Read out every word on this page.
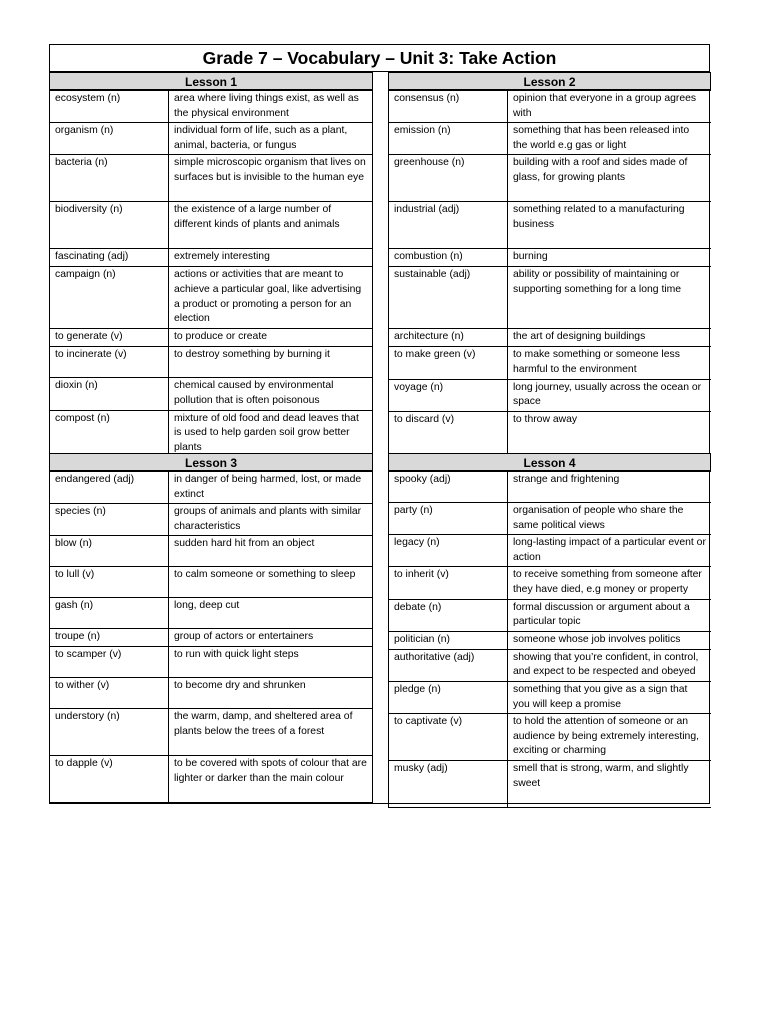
Grade 7 – Vocabulary – Unit 3: Take Action
Lesson 1
ecosystem (n)	area where living things exist, as well as the physical environment
organism (n)	individual form of life, such as a plant, animal, bacteria, or fungus
bacteria (n)	simple microscopic organism that lives on surfaces but is invisible to the human eye
biodiversity (n)	the existence of a large number of different kinds of plants and animals
fascinating (adj)	extremely interesting
campaign (n)	actions or activities that are meant to achieve a particular goal, like advertising a product or promoting a person for an election
to generate (v)	to produce or create
to incinerate (v)	to destroy something by burning it
dioxin (n)	chemical caused by environmental pollution that is often poisonous
compost (n)	mixture of old food and dead leaves that is used to help garden soil grow better plants
Lesson 2
consensus (n)	opinion that everyone in a group agrees with
emission (n)	something that has been released into the world e.g gas or light
greenhouse (n)	building with a roof and sides made of glass, for growing plants
industrial (adj)	something related to a manufacturing business
combustion (n)	burning
sustainable (adj)	ability or possibility of maintaining or supporting something for a long time
architecture (n)	the art of designing buildings
to make green (v)	to make something or someone less harmful to the environment
voyage (n)	long journey, usually across the ocean or space
to discard (v)	to throw away
Lesson 3
endangered (adj)	in danger of being harmed, lost, or made extinct
species (n)	groups of animals and plants with similar characteristics
blow (n)	sudden hard hit from an object
to lull (v)	to calm someone or something to sleep
gash (n)	long, deep cut
troupe (n)	group of actors or entertainers
to scamper (v)	to run with quick light steps
to wither (v)	to become dry and shrunken
understory (n)	the warm, damp, and sheltered area of plants below the trees of a forest
to dapple (v)	to be covered with spots of colour that are lighter or darker than the main colour
Lesson 4
spooky (adj)	strange and frightening
party (n)	organisation of people who share the same political views
legacy (n)	long-lasting impact of a particular event or action
to inherit (v)	to receive something from someone after they have died, e.g money or property
debate (n)	formal discussion or argument about a particular topic
politician (n)	someone whose job involves politics
authoritative (adj)	showing that you’re confident, in control, and expect to be respected and obeyed
pledge (n)	something that you give as a sign that you will keep a promise
to captivate (v)	to hold the attention of someone or an audience by being extremely interesting, exciting or charming
musky (adj)	smell that is strong, warm, and slightly sweet
